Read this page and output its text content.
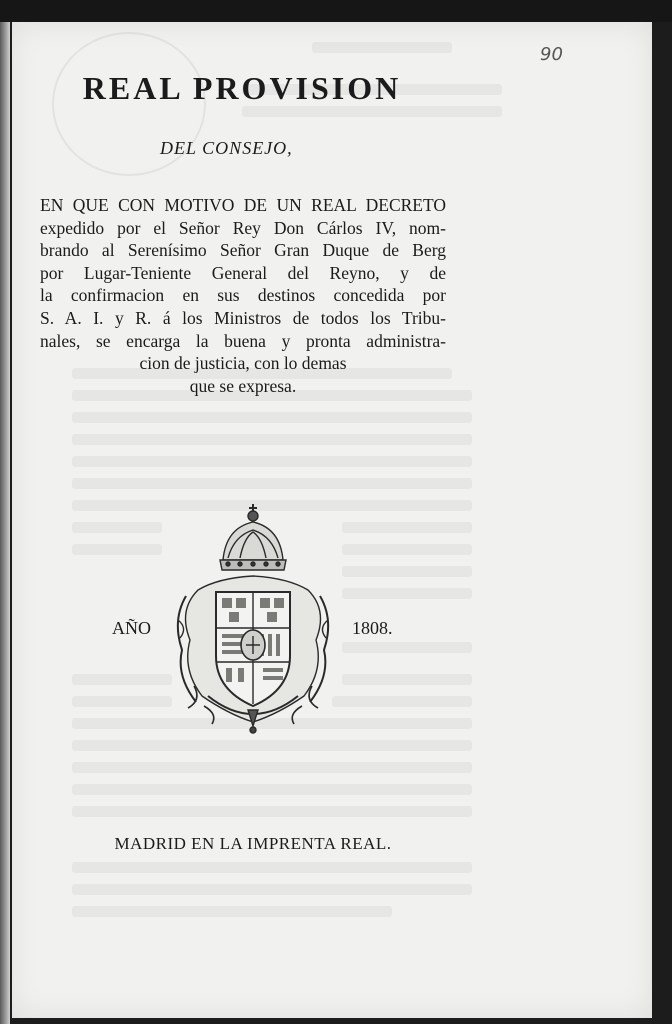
90
REAL PROVISION
DEL CONSEJO,
EN QUE CON MOTIVO DE UN REAL DECRETO
expedido por el Señor Rey Don Cárlos IV, nom-
brando al Serenísimo Señor Gran Duque de Berg
por Lugar-Teniente General del Reyno, y de
la confirmacion en sus destinos concedida por
S. A. I. y R. á los Ministros de todos los Tribu-
nales, se encarga la buena y pronta administra-
cion de justicia, con lo demas
que se expresa.
AÑO	1808.
MADRID EN LA IMPRENTA REAL.
